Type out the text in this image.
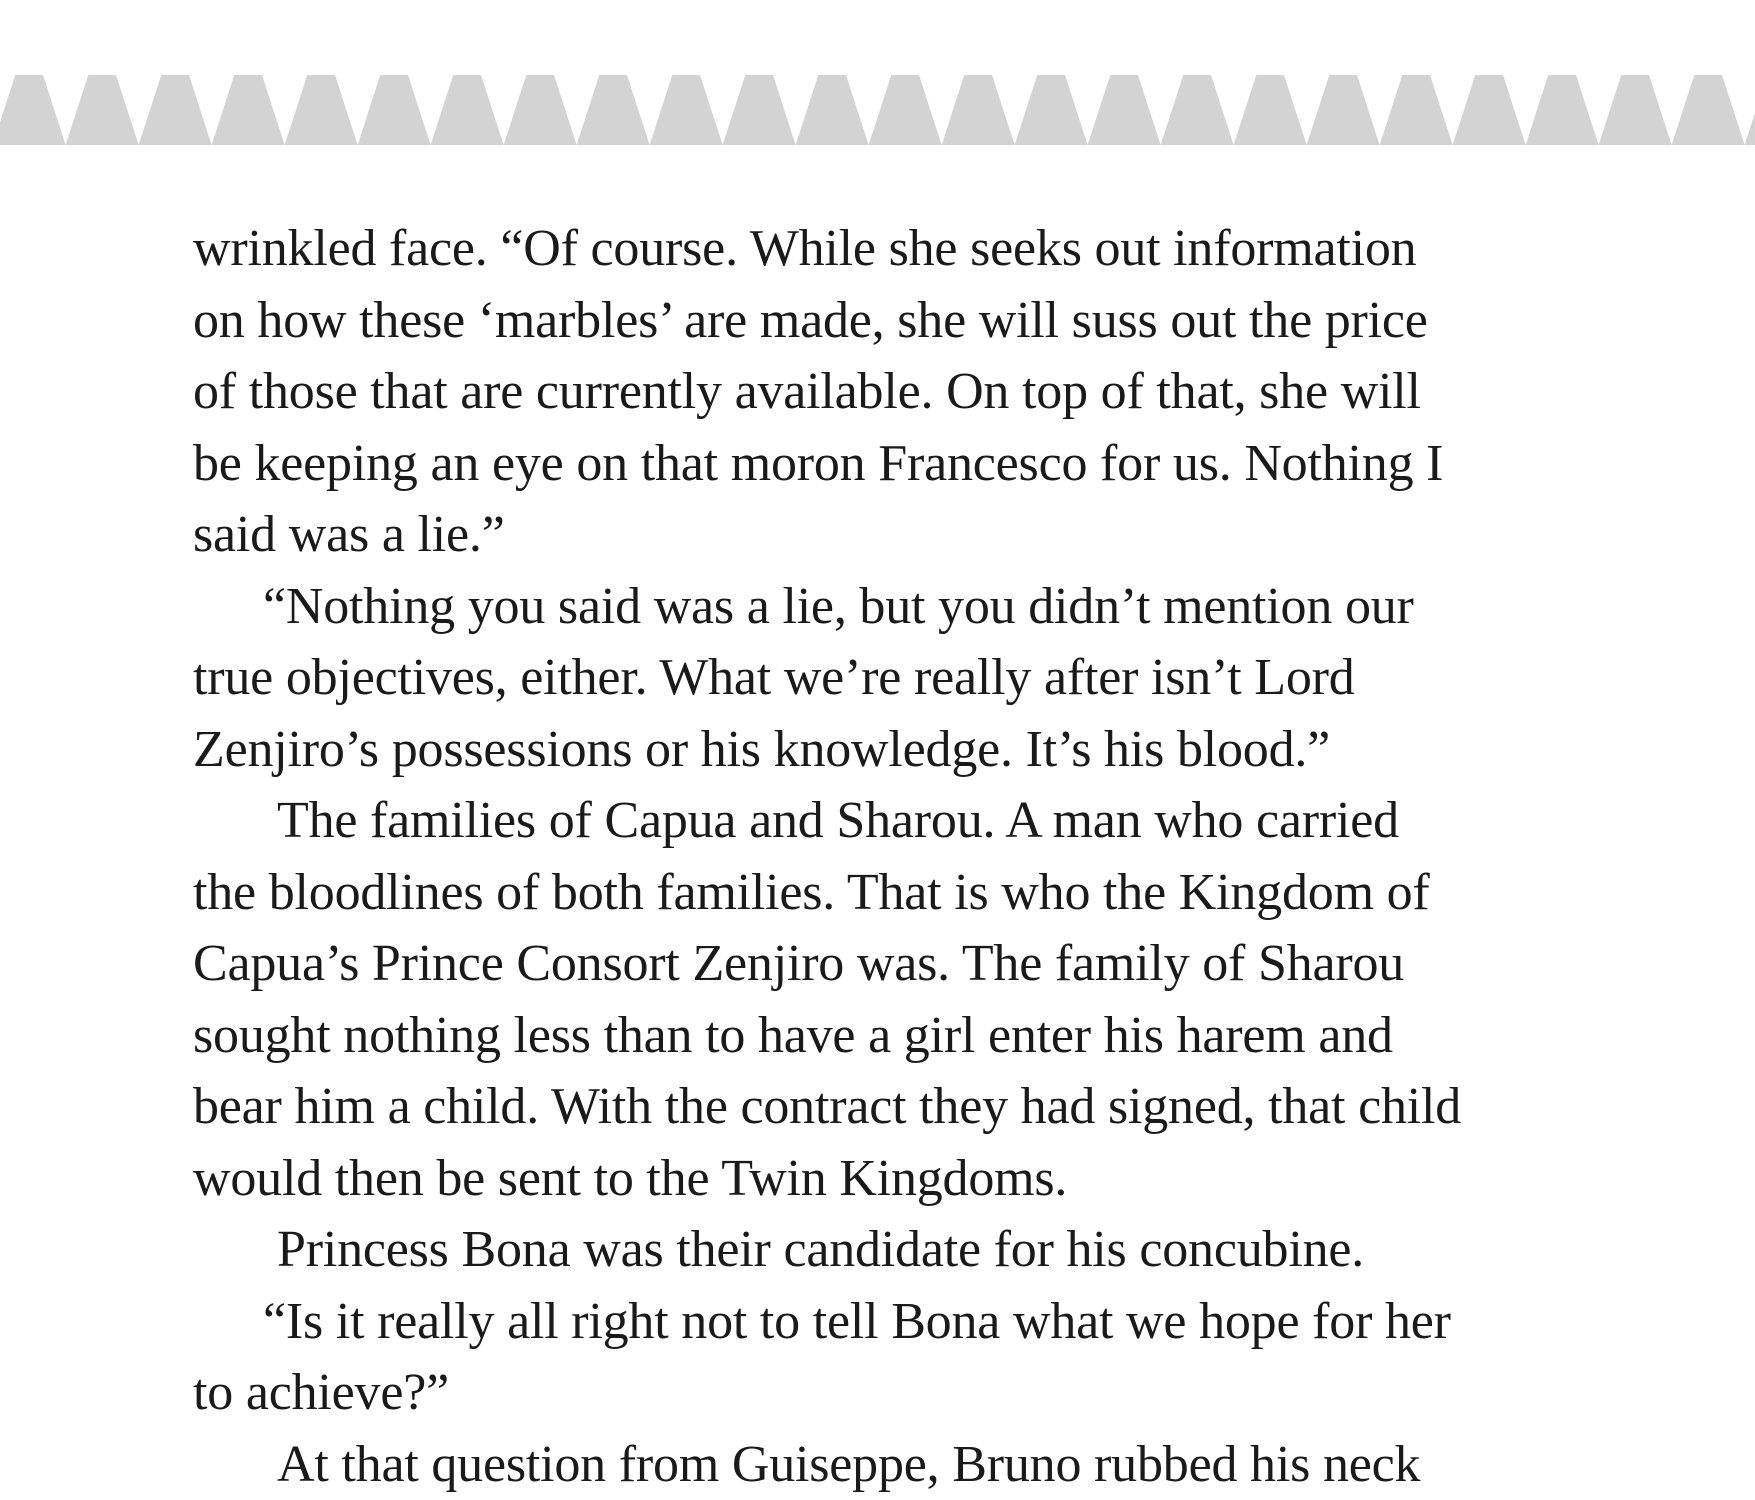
wrinkled face. “Of course. While she seeks out information
on how these ‘marbles’ are made, she will suss out the price
of those that are currently available. On top of that, she will
be keeping an eye on that moron Francesco for us. Nothing I
said was a lie.”
“Nothing you said was a lie, but you didn’t mention our
true objectives, either. What we’re really after isn’t Lord
Zenjiro’s possessions or his knowledge. It’s his blood.”
The families of Capua and Sharou. A man who carried
the bloodlines of both families. That is who the Kingdom of
Capua’s Prince Consort Zenjiro was. The family of Sharou
sought nothing less than to have a girl enter his harem and
bear him a child. With the contract they had signed, that child
would then be sent to the Twin Kingdoms.
Princess Bona was their candidate for his concubine.
“Is it really all right not to tell Bona what we hope for her
to achieve?”
At that question from Guiseppe, Bruno rubbed his neck
